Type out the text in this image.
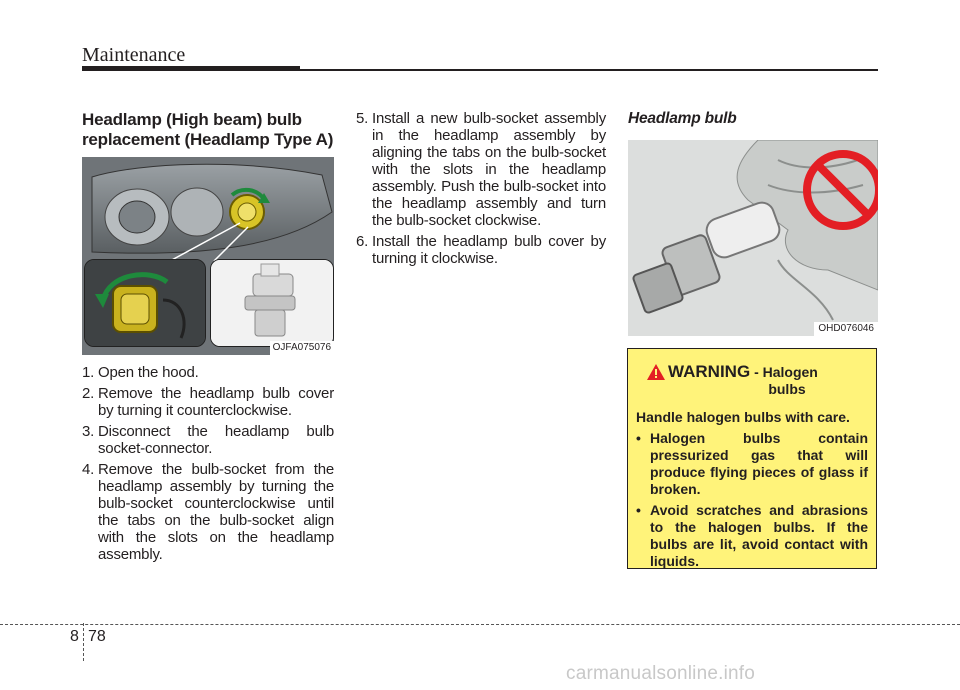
Maintenance
Headlamp (High beam) bulb
replacement (Headlamp Type A)
OJFA075076
1. Open the hood.
2. Remove the headlamp bulb cover by turning it counterclockwise.
3. Disconnect the headlamp bulb socket-connector.
4. Remove the bulb-socket from the headlamp assembly by turning the bulb-socket counterclockwise until the tabs on the bulb-socket align with the slots on the headlamp assembly.
5. Install a new bulb-socket assembly in the headlamp assembly by aligning the tabs on the bulb-socket with the slots in the headlamp assembly. Push the bulb-socket into the headlamp assembly and turn the bulb-socket clockwise.
6. Install the headlamp bulb cover by turning it clockwise.
Headlamp bulb
OHD076046
WARNING - Halogen
bulbs
Handle halogen bulbs with care.
• Halogen bulbs contain pressurized gas that will produce flying pieces of glass if broken.
• Avoid scratches and abrasions to the halogen bulbs. If the bulbs are lit, avoid contact with liquids.
8 78
carmanualsonline.info
